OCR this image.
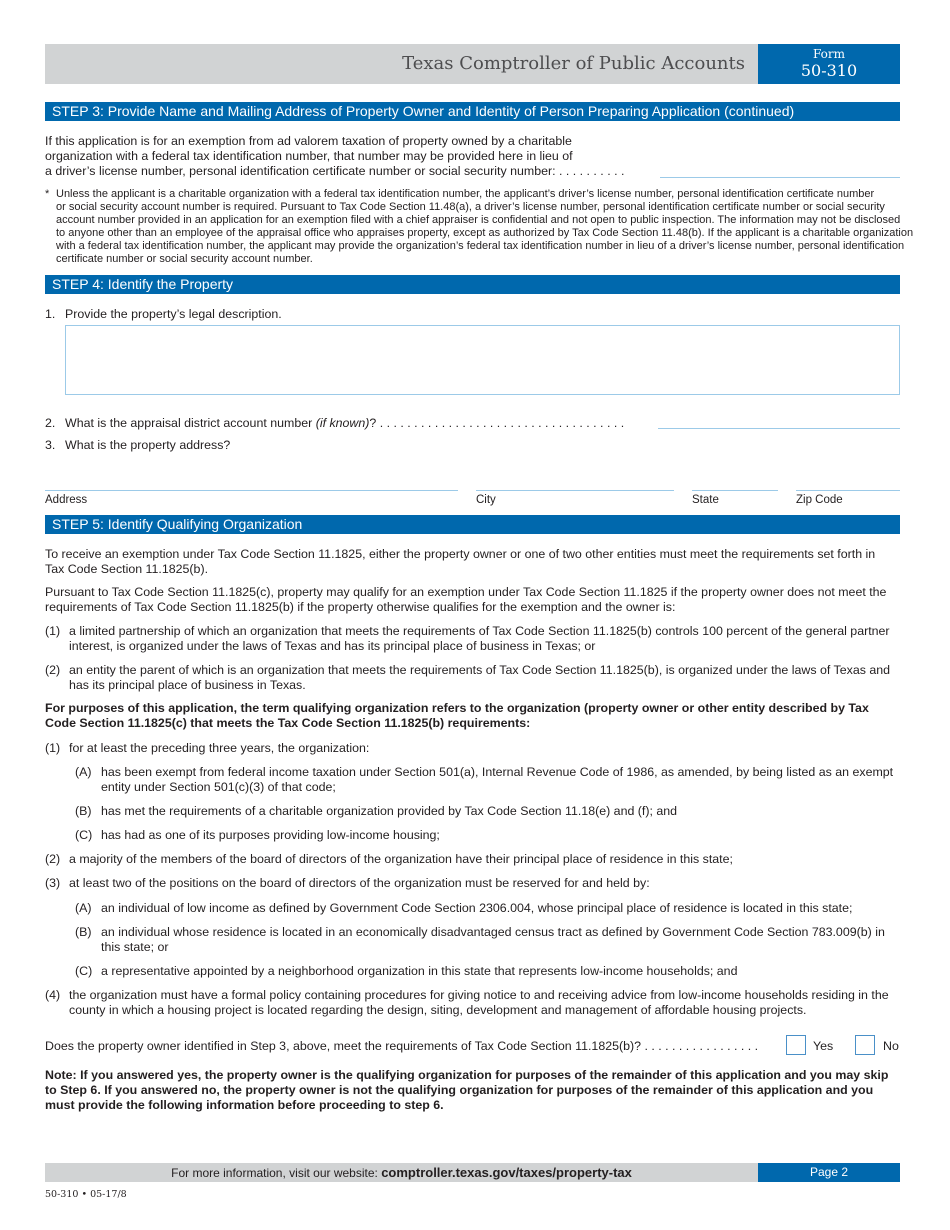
Texas Comptroller of Public Accounts	Form
50-310
STEP 3: Provide Name and Mailing Address of Property Owner and Identity of Person Preparing Application (continued)
If this application is for an exemption from ad valorem taxation of property owned by a charitable
organization with a federal tax identification number, that number may be provided here in lieu of
a driver’s license number, personal identification certificate number or social security number: . . . . . . . . . .
* Unless the applicant is a charitable organization with a federal tax identification number, the applicant’s driver’s license number, personal identification certificate number
or social security account number is required. Pursuant to Tax Code Section 11.48(a), a driver’s license number, personal identification certificate number or social security
account number provided in an application for an exemption filed with a chief appraiser is confidential and not open to public inspection. The information may not be disclosed
to anyone other than an employee of the appraisal office who appraises property, except as authorized by Tax Code Section 11.48(b). If the applicant is a charitable organization
with a federal tax identification number, the applicant may provide the organization’s federal tax identification number in lieu of a driver’s license number, personal identification
certificate number or social security account number.
STEP 4: Identify the Property
1. Provide the property’s legal description.
2. What is the appraisal district account number (if known)? . . . . . . . . . . . . . . . . . . . . . . . . . . . . . . . . . . . .
3. What is the property address?
Address	City	State	Zip Code
STEP 5: Identify Qualifying Organization
To receive an exemption under Tax Code Section 11.1825, either the property owner or one of two other entities must meet the requirements set forth in
Tax Code Section 11.1825(b).
Pursuant to Tax Code Section 11.1825(c), property may qualify for an exemption under Tax Code Section 11.1825 if the property owner does not meet the
requirements of Tax Code Section 11.1825(b) if the property otherwise qualifies for the exemption and the owner is:
(1) a limited partnership of which an organization that meets the requirements of Tax Code Section 11.1825(b) controls 100 percent of the general partner
interest, is organized under the laws of Texas and has its principal place of business in Texas; or
(2) an entity the parent of which is an organization that meets the requirements of Tax Code Section 11.1825(b), is organized under the laws of Texas and
has its principal place of business in Texas.
For purposes of this application, the term qualifying organization refers to the organization (property owner or other entity described by Tax
Code Section 11.1825(c) that meets the Tax Code Section 11.1825(b) requirements:
(1) for at least the preceding three years, the organization:
(A) has been exempt from federal income taxation under Section 501(a), Internal Revenue Code of 1986, as amended, by being listed as an exempt
entity under Section 501(c)(3) of that code;
(B) has met the requirements of a charitable organization provided by Tax Code Section 11.18(e) and (f); and
(C) has had as one of its purposes providing low-income housing;
(2) a majority of the members of the board of directors of the organization have their principal place of residence in this state;
(3) at least two of the positions on the board of directors of the organization must be reserved for and held by:
(A) an individual of low income as defined by Government Code Section 2306.004, whose principal place of residence is located in this state;
(B) an individual whose residence is located in an economically disadvantaged census tract as defined by Government Code Section 783.009(b) in
this state; or
(C) a representative appointed by a neighborhood organization in this state that represents low-income households; and
(4) the organization must have a formal policy containing procedures for giving notice to and receiving advice from low-income households residing in the
county in which a housing project is located regarding the design, siting, development and management of affordable housing projects.
Does the property owner identified in Step 3, above, meet the requirements of Tax Code Section 11.1825(b)? . . . . . . . . . . . . . . . . .	Yes	No
Note: If you answered yes, the property owner is the qualifying organization for purposes of the remainder of this application and you may skip
to Step 6. If you answered no, the property owner is not the qualifying organization for purposes of the remainder of this application and you
must provide the following information before proceeding to step 6.
For more information, visit our website: comptroller.texas.gov/taxes/property-tax	Page 2
50-310 • 05-17/8
